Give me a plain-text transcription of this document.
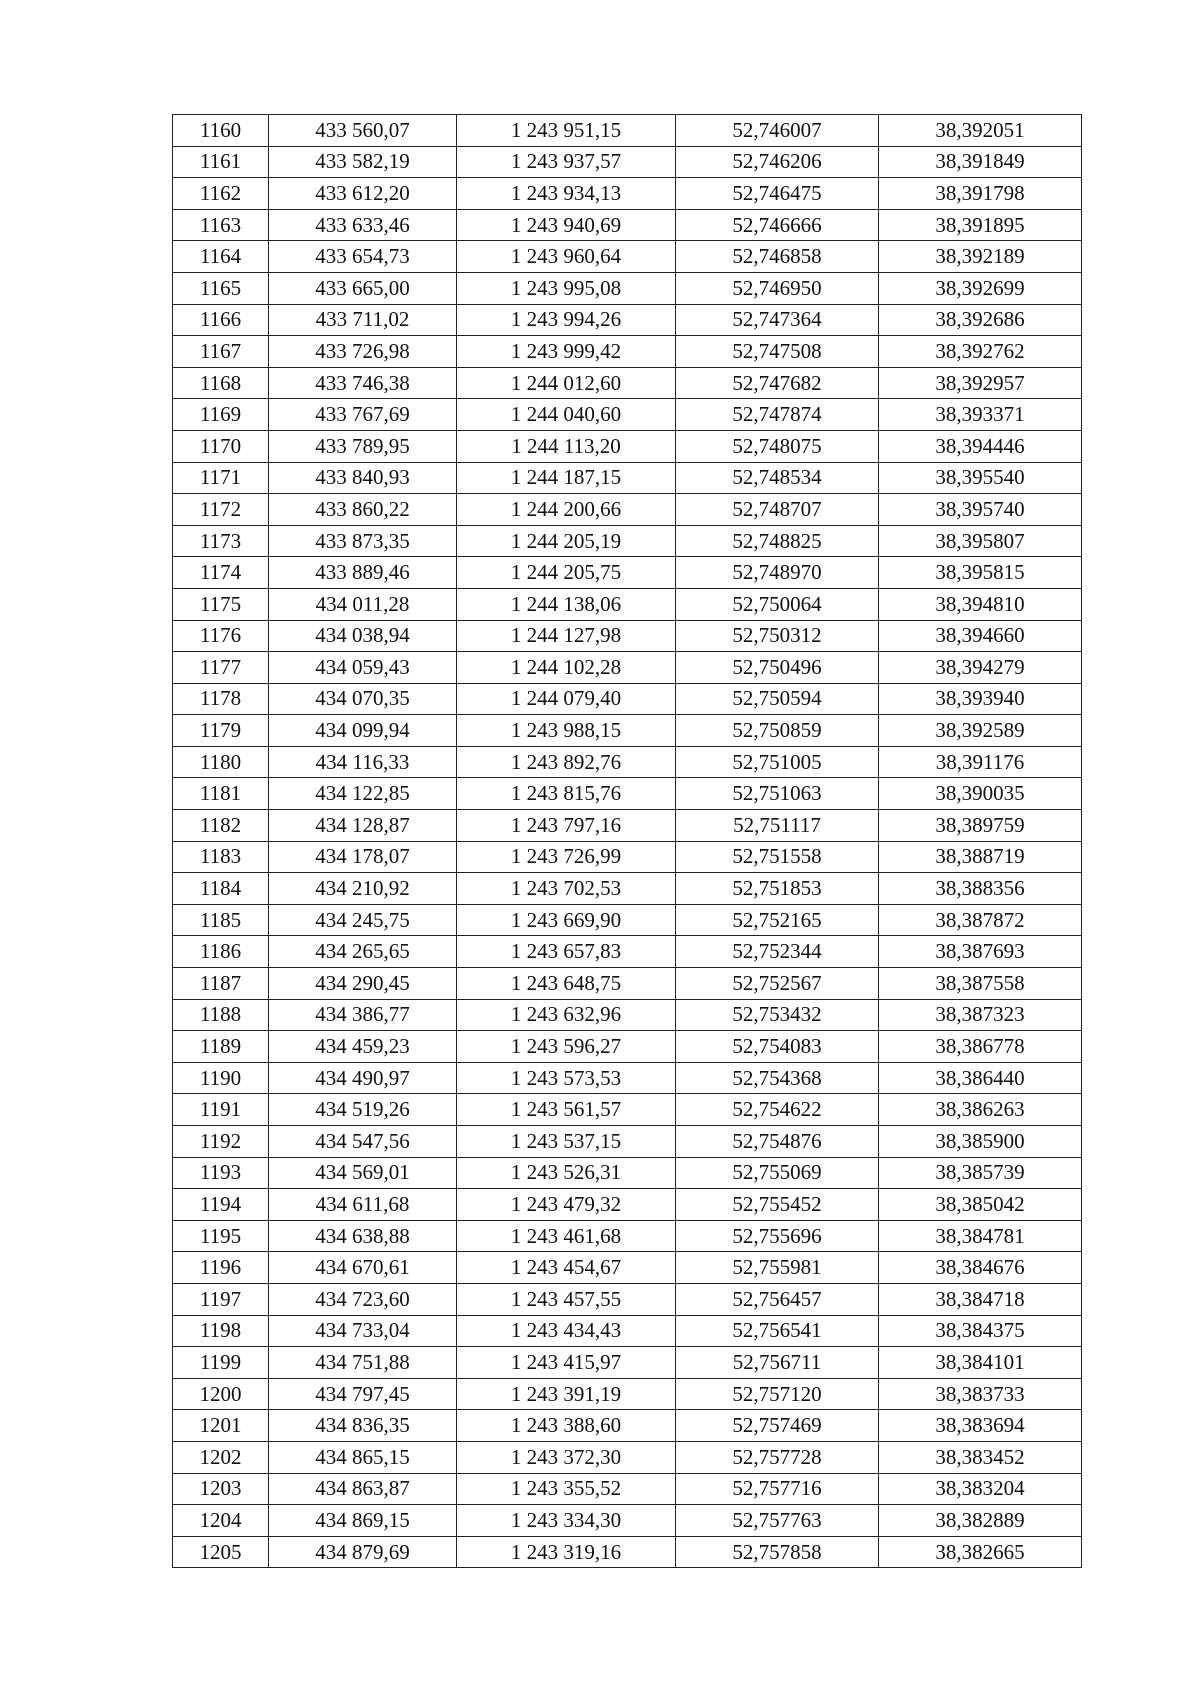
1160	433 560,07	1 243 951,15	52,746007	38,392051
1161	433 582,19	1 243 937,57	52,746206	38,391849
1162	433 612,20	1 243 934,13	52,746475	38,391798
1163	433 633,46	1 243 940,69	52,746666	38,391895
1164	433 654,73	1 243 960,64	52,746858	38,392189
1165	433 665,00	1 243 995,08	52,746950	38,392699
1166	433 711,02	1 243 994,26	52,747364	38,392686
1167	433 726,98	1 243 999,42	52,747508	38,392762
1168	433 746,38	1 244 012,60	52,747682	38,392957
1169	433 767,69	1 244 040,60	52,747874	38,393371
1170	433 789,95	1 244 113,20	52,748075	38,394446
1171	433 840,93	1 244 187,15	52,748534	38,395540
1172	433 860,22	1 244 200,66	52,748707	38,395740
1173	433 873,35	1 244 205,19	52,748825	38,395807
1174	433 889,46	1 244 205,75	52,748970	38,395815
1175	434 011,28	1 244 138,06	52,750064	38,394810
1176	434 038,94	1 244 127,98	52,750312	38,394660
1177	434 059,43	1 244 102,28	52,750496	38,394279
1178	434 070,35	1 244 079,40	52,750594	38,393940
1179	434 099,94	1 243 988,15	52,750859	38,392589
1180	434 116,33	1 243 892,76	52,751005	38,391176
1181	434 122,85	1 243 815,76	52,751063	38,390035
1182	434 128,87	1 243 797,16	52,751117	38,389759
1183	434 178,07	1 243 726,99	52,751558	38,388719
1184	434 210,92	1 243 702,53	52,751853	38,388356
1185	434 245,75	1 243 669,90	52,752165	38,387872
1186	434 265,65	1 243 657,83	52,752344	38,387693
1187	434 290,45	1 243 648,75	52,752567	38,387558
1188	434 386,77	1 243 632,96	52,753432	38,387323
1189	434 459,23	1 243 596,27	52,754083	38,386778
1190	434 490,97	1 243 573,53	52,754368	38,386440
1191	434 519,26	1 243 561,57	52,754622	38,386263
1192	434 547,56	1 243 537,15	52,754876	38,385900
1193	434 569,01	1 243 526,31	52,755069	38,385739
1194	434 611,68	1 243 479,32	52,755452	38,385042
1195	434 638,88	1 243 461,68	52,755696	38,384781
1196	434 670,61	1 243 454,67	52,755981	38,384676
1197	434 723,60	1 243 457,55	52,756457	38,384718
1198	434 733,04	1 243 434,43	52,756541	38,384375
1199	434 751,88	1 243 415,97	52,756711	38,384101
1200	434 797,45	1 243 391,19	52,757120	38,383733
1201	434 836,35	1 243 388,60	52,757469	38,383694
1202	434 865,15	1 243 372,30	52,757728	38,383452
1203	434 863,87	1 243 355,52	52,757716	38,383204
1204	434 869,15	1 243 334,30	52,757763	38,382889
1205	434 879,69	1 243 319,16	52,757858	38,382665
